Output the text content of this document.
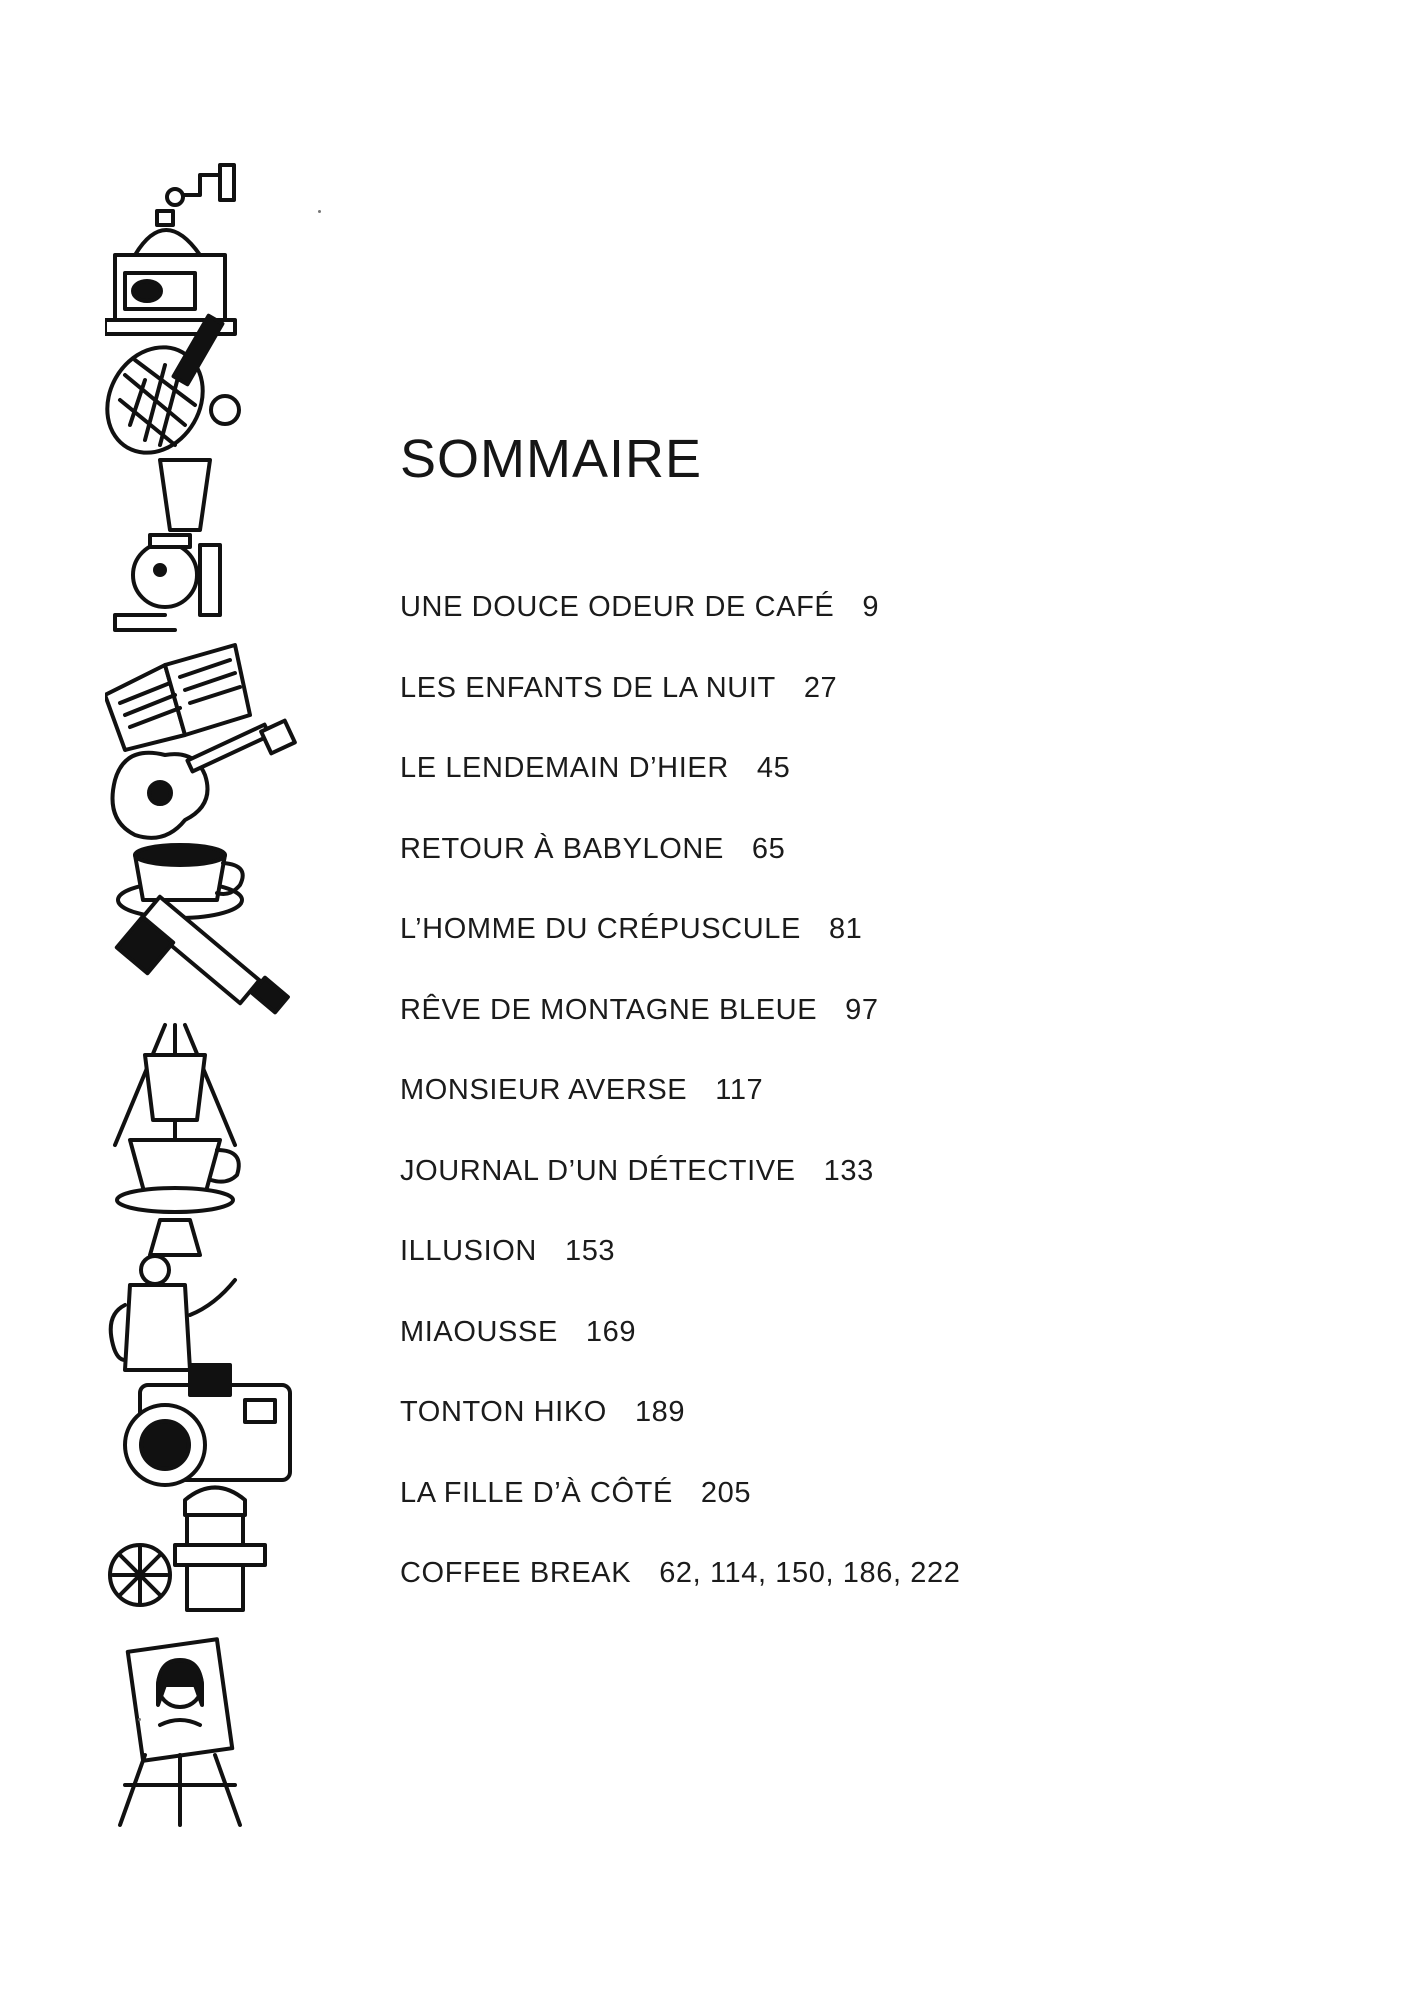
SOMMAIRE
UNE DOUCE ODEUR DE CAFÉ 9
LES ENFANTS DE LA NUIT 27
LE LENDEMAIN D’HIER 45
RETOUR À BABYLONE 65
L’HOMME DU CRÉPUSCULE 81
RÊVE DE MONTAGNE BLEUE 97
MONSIEUR AVERSE 117
JOURNAL D’UN DÉTECTIVE 133
ILLUSION 153
MIAOUSSE 169
TONTON HIKO 189
LA FILLE D’À CÔTÉ 205
COFFEE BREAK 62, 114, 150, 186, 222
